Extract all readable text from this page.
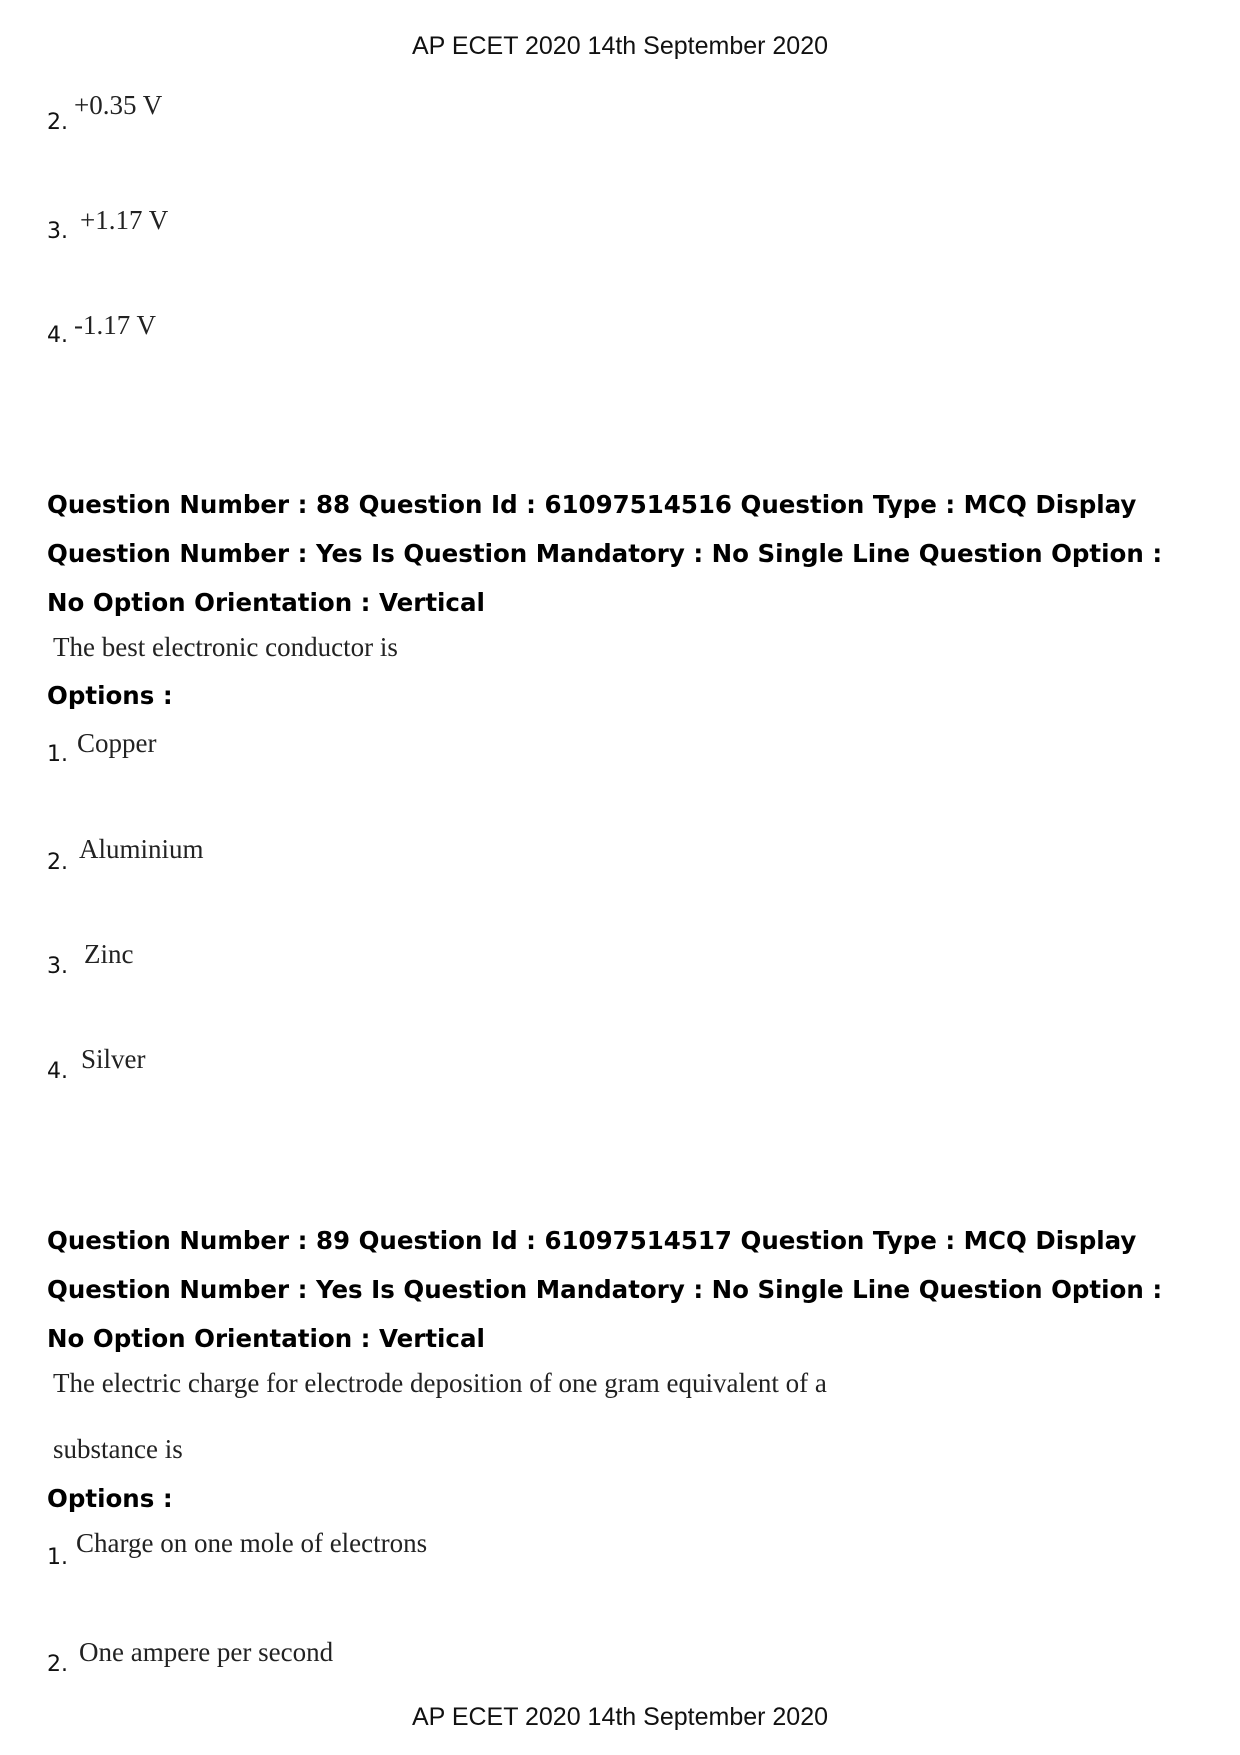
AP ECET 2020 14th September 2020
2.
+0.35 V
3. +1.17 V
4. -1.17 V
Question Number : 88 Question Id : 61097514516 Question Type : MCQ Display Question Number : Yes Is Question Mandatory : No Single Line Question Option : No Option Orientation : Vertical
The best electronic conductor is
Options :
1. Copper
2. Aluminium
3. Zinc
4. Silver
Question Number : 89 Question Id : 61097514517 Question Type : MCQ Display Question Number : Yes Is Question Mandatory : No Single Line Question Option : No Option Orientation : Vertical
The electric charge for electrode deposition of one gram equivalent of a
substance is
Options :
1. Charge on one mole of electrons
2. One ampere per second
AP ECET 2020 14th September 2020
